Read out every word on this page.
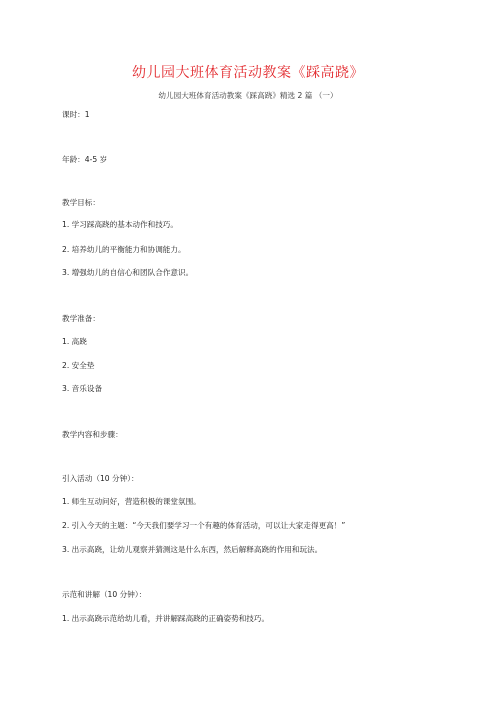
幼儿园大班体育活动教案《踩高跷》
幼儿园大班体育活动教案《踩高跷》精选 2 篇 （一）
课时：1
年龄：4-5 岁
教学目标：
1. 学习踩高跷的基本动作和技巧。
2. 培养幼儿的平衡能力和协调能力。
3. 增强幼儿的自信心和团队合作意识。
教学准备：
1. 高跷
2. 安全垫
3. 音乐设备
教学内容和步骤：
引入活动（10 分钟）：
1. 师生互动问好，营造积极的课堂氛围。
2. 引入今天的主题：“今天我们要学习一个有趣的体育活动，可以让大家走得更高！”
3. 出示高跷，让幼儿观察并猜测这是什么东西，然后解释高跷的作用和玩法。
示范和讲解（10 分钟）：
1. 出示高跷示范给幼儿看，并讲解踩高跷的正确姿势和技巧。
